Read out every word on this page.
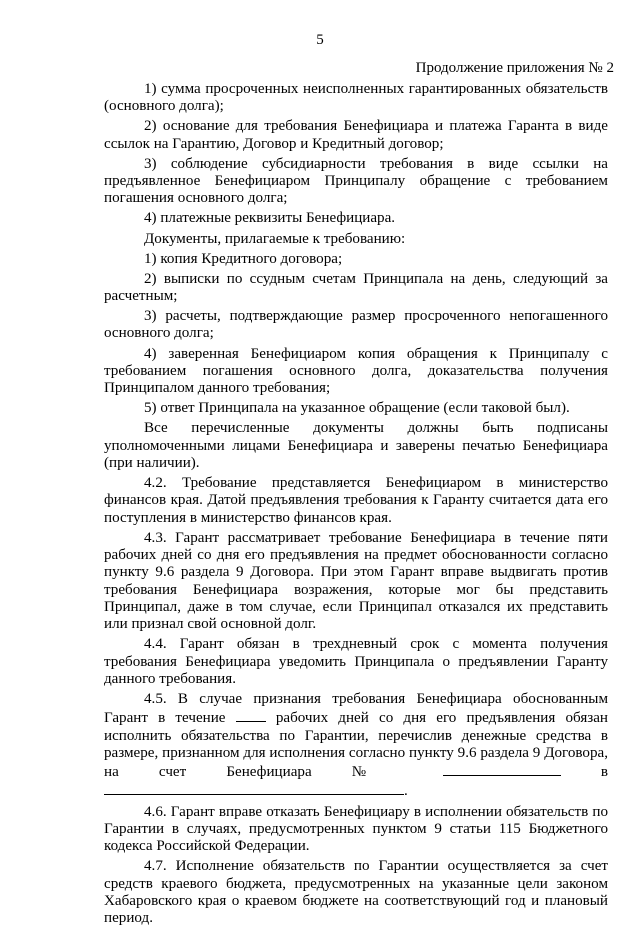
5
Продолжение приложения № 2

1) сумма просроченных неисполненных гарантированных обязательств (основного долга);

2) основание для требования Бенефициара и платежа Гаранта в виде ссылок на Гарантию, Договор и Кредитный договор;

3) соблюдение субсидиарности требования в виде ссылки на предъявленное Бенефициаром Принципалу обращение с требованием погашения основного долга;

4) платежные реквизиты Бенефициара.

Документы, прилагаемые к требованию:

1) копия Кредитного договора;

2) выписки по ссудным счетам Принципала на день, следующий за расчетным;

3) расчеты, подтверждающие размер просроченного непогашенного основного долга;

4) заверенная Бенефициаром копия обращения к Принципалу с требованием погашения основного долга, доказательства получения Принципалом данного требования;

5) ответ Принципала на указанное обращение (если таковой был).

Все перечисленные документы должны быть подписаны уполномоченными лицами Бенефициара и заверены печатью Бенефициара (при наличии).

4.2. Требование представляется Бенефициаром в министерство финансов края. Датой предъявления требования к Гаранту считается дата его поступления в министерство финансов края.

4.3. Гарант рассматривает требование Бенефициара в течение пяти рабочих дней со дня его предъявления на предмет обоснованности согласно пункту 9.6 раздела 9 Договора. При этом Гарант вправе выдвигать против требования Бенефициара возражения, которые мог бы представить Принципал, даже в том случае, если Принципал отказался их представить или признал свой основной долг.

4.4. Гарант обязан в трехдневный срок с момента получения требования Бенефициара уведомить Принципала о предъявлении Гаранту данного требования.

4.5. В случае признания требования Бенефициара обоснованным Гарант в течение  рабочих дней со дня его предъявления обязан исполнить обязательства по Гарантии, перечислив денежные средства в размере, признанном для исполнения согласно пункту 9.6 раздела 9 Договора, на счет Бенефициара №	в .

4.6. Гарант вправе отказать Бенефициару в исполнении обязательств по Гарантии в случаях, предусмотренных пунктом 9 статьи 115 Бюджетного кодекса Российской Федерации.

4.7. Исполнение обязательств по Гарантии осуществляется за счет средств краевого бюджета, предусмотренных на указанные цели законом Хабаровского края о краевом бюджете на соответствующий год и плановый период.
